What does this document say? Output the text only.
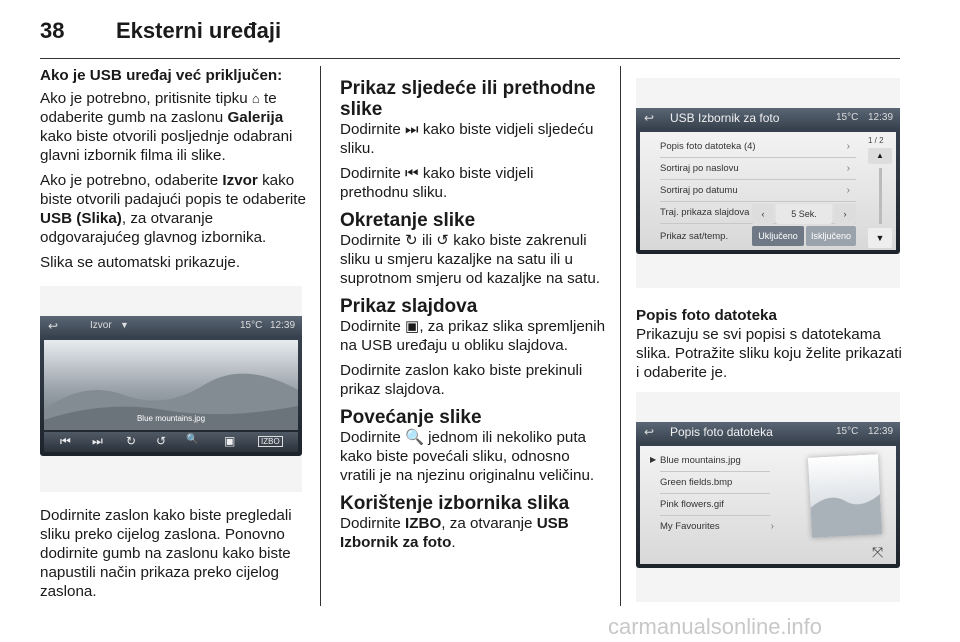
38 Eksterni uređaji
Ako je USB uređaj već priključen:
Ako je potrebno, pritisnite tipku ⌂ te odaberite gumb na zaslonu Galerija kako biste otvorili posljednje odabrani glavni izbornik filma ili slike.
Ako je potrebno, odaberite Izvor kako biste otvorili padajući popis te odaberite USB (Slika), za otvaranje odgovarajućeg glavnog izbornika.
Slika se automatski prikazuje.
↩	Izvor ▼	15°C 12:39
Blue mountains.jpg
⏮ ⏭ ↻ ↺ 🔍 ▣	IZBO
Dodirnite zaslon kako biste pregledali sliku preko cijelog zaslona. Ponovno dodirnite gumb na zaslonu kako biste napustili način prikaza preko cijelog zaslona.
Prikaz sljedeće ili prethodne slike
Dodirnite ⏭ kako biste vidjeli sljedeću sliku.
Dodirnite ⏮ kako biste vidjeli prethodnu sliku.
Okretanje slike
Dodirnite ↻ ili ↺ kako biste zakrenuli sliku u smjeru kazaljke na satu ili u suprotnom smjeru od kazaljke na satu.
Prikaz slajdova
Dodirnite ▣, za prikaz slika spremljenih na USB uređaju u obliku slajdova.
Dodirnite zaslon kako biste prekinuli prikaz slajdova.
Povećanje slike
Dodirnite 🔍 jednom ili nekoliko puta kako biste povećali sliku, odnosno vratili je na njezinu originalnu veličinu.
Korištenje izbornika slika
Dodirnite IZBO, za otvaranje USB Izbornik za foto.
↩ USB Izbornik za foto	15°C 12:39
Popis foto datoteka (4)	›
Sortiraj po naslovu	›
Sortiraj po datumu	›
Traj. prikaza slajdova	‹	5 Sek.	›
Prikaz sat/temp.	Uključeno	Isključeno
1 / 2
▲
▼
Popis foto datoteka
Prikazuju se svi popisi s datotekama slika. Potražite sliku koju želite prikazati i odaberite je.
↩ Popis foto datoteka	15°C 12:39
▶ Blue mountains.jpg
Green fields.bmp
Pink flowers.gif
My Favourites	›
⤧
carmanualsonline.info
